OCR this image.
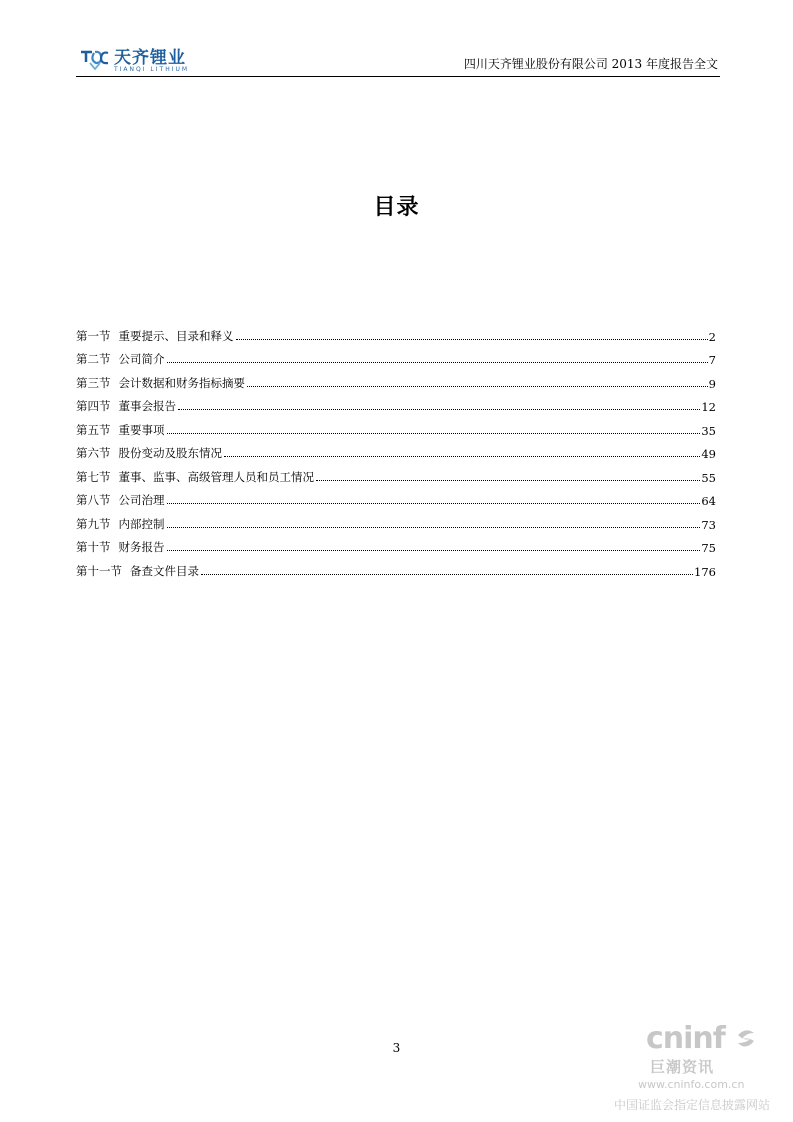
天齐锂业
TIANQI LITHIUM	四川天齐锂业股份有限公司 2013 年度报告全文
目录
第一节 重要提示、目录和释义	2
第二节 公司简介	7
第三节 会计数据和财务指标摘要	9
第四节 董事会报告	12
第五节 重要事项	35
第六节 股份变动及股东情况	49
第七节 董事、监事、高级管理人员和员工情况	55
第八节 公司治理	64
第九节 内部控制	73
第十节 财务报告	75
第十一节 备查文件目录	176
3	cninf
巨潮资讯
www.cninfo.com.cn
中国证监会指定信息披露网站
